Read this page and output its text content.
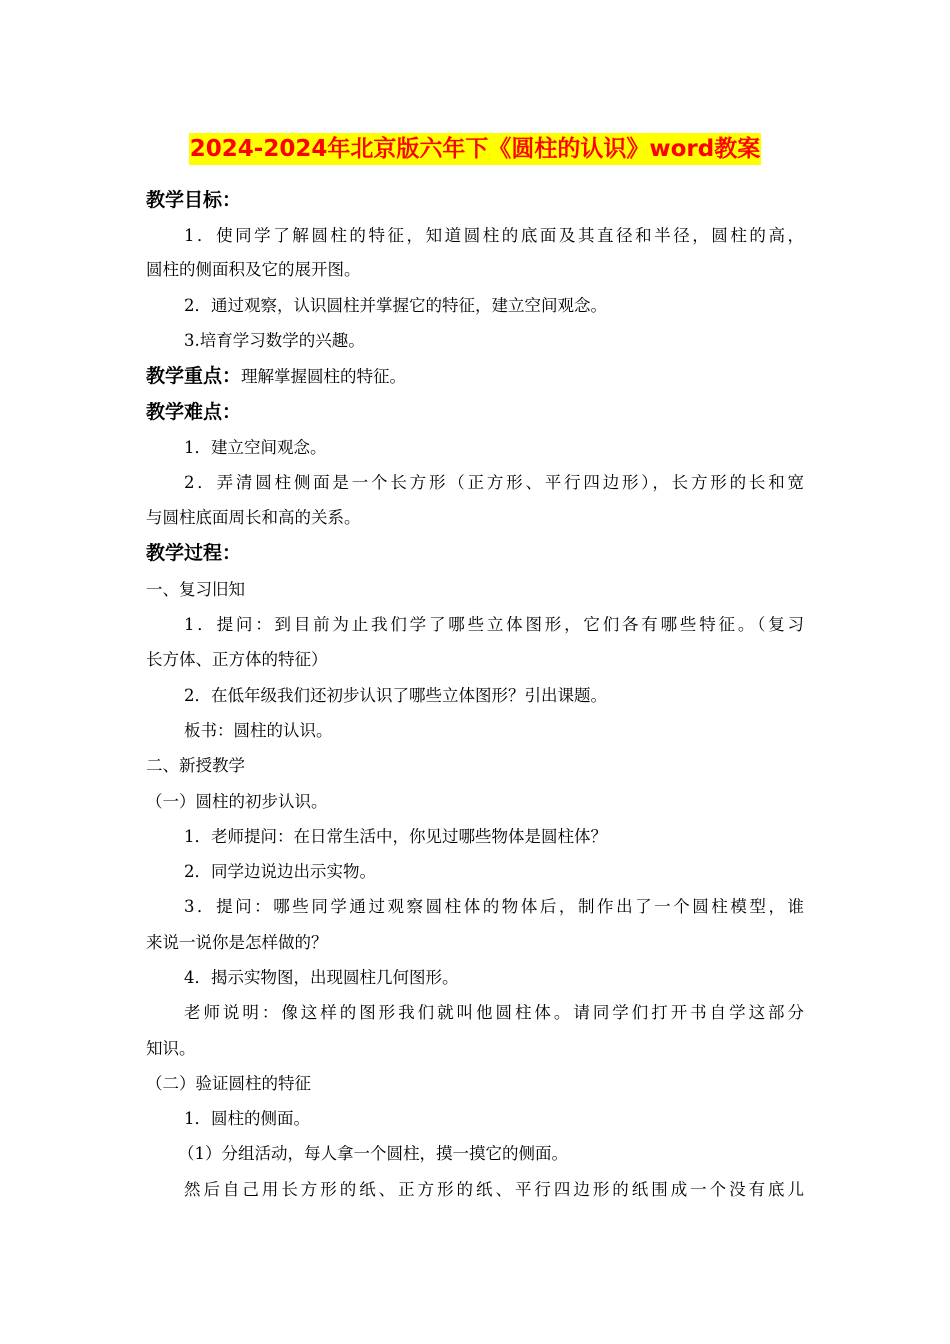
2024-2024年北京版六年下《圆柱的认识》word教案
教学目标：
1．使同学了解圆柱的特征，知道圆柱的底面及其直径和半径，圆柱的高，
圆柱的侧面积及它的展开图。
2．通过观察，认识圆柱并掌握它的特征，建立空间观念。
3.培育学习数学的兴趣。
教学重点：理解掌握圆柱的特征。
教学难点：
1．建立空间观念。
2．弄清圆柱侧面是一个长方形（正方形、平行四边形），长方形的长和宽
与圆柱底面周长和高的关系。
教学过程：
一、复习旧知
1．提问：到目前为止我们学了哪些立体图形，它们各有哪些特征。（复习
长方体、正方体的特征）
2．在低年级我们还初步认识了哪些立体图形？引出课题。
板书：圆柱的认识。
二、新授教学
（一）圆柱的初步认识。
1．老师提问：在日常生活中，你见过哪些物体是圆柱体？
2．同学边说边出示实物。
3．提问：哪些同学通过观察圆柱体的物体后，制作出了一个圆柱模型，谁
来说一说你是怎样做的？
4．揭示实物图，出现圆柱几何图形。
老师说明：像这样的图形我们就叫他圆柱体。请同学们打开书自学这部分
知识。
（二）验证圆柱的特征
1．圆柱的侧面。
（1）分组活动，每人拿一个圆柱，摸一摸它的侧面。
然后自己用长方形的纸、正方形的纸、平行四边形的纸围成一个没有底儿
